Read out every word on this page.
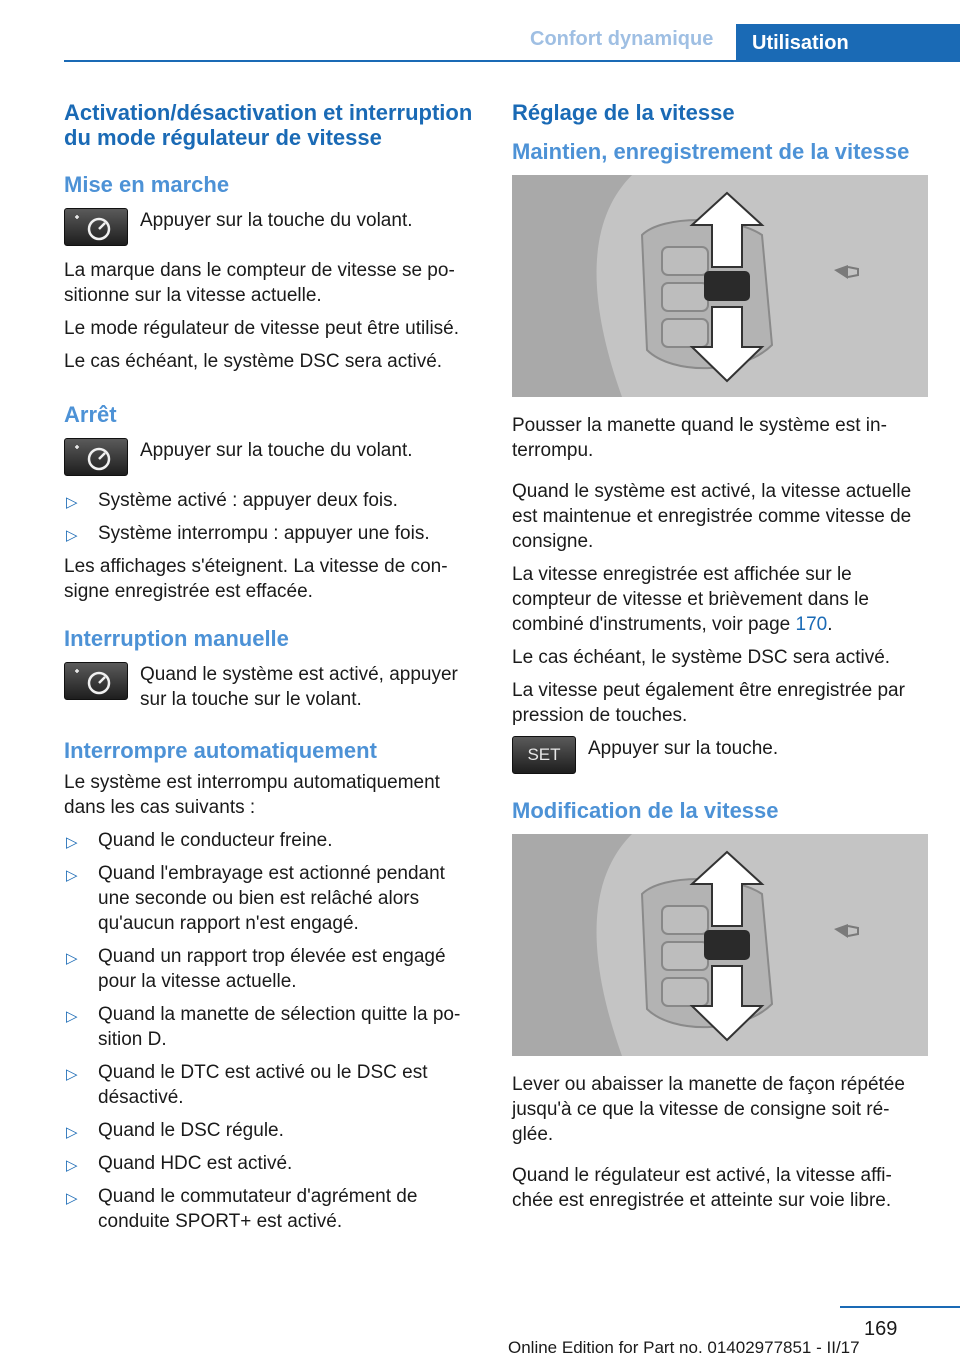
Confort dynamique	Utilisation
Activation/désactivation et interruption du mode régulateur de vitesse
Mise en marche

Appuyer sur la touche du volant.

La marque dans le compteur de vitesse se po-sitionne sur la vitesse actuelle.

Le mode régulateur de vitesse peut être utilisé.

Le cas échéant, le système DSC sera activé.

Arrêt

Appuyer sur la touche du volant.

▷ Système activé : appuyer deux fois.
▷ Système interrompu : appuyer une fois.

Les affichages s'éteignent. La vitesse de con-signe enregistrée est effacée.

Interruption manuelle

Quand le système est activé, appuyer sur la touche sur le volant.

Interrompre automatiquement

Le système est interrompu automatiquement dans les cas suivants :

▷ Quand le conducteur freine.
▷ Quand l'embrayage est actionné pendant une seconde ou bien est relâché alors qu'aucun rapport n'est engagé.
▷ Quand un rapport trop élevée est engagé pour la vitesse actuelle.
▷ Quand la manette de sélection quitte la po-sition D.
▷ Quand le DTC est activé ou le DSC est désactivé.
▷ Quand le DSC régule.
▷ Quand HDC est activé.
▷ Quand le commutateur d'agrément de conduite SPORT+ est activé.
Réglage de la vitesse
Maintien, enregistrement de la vitesse

Pousser la manette quand le système est in-terrompu.

Quand le système est activé, la vitesse actuelle est maintenue et enregistrée comme vitesse de consigne.

La vitesse enregistrée est affichée sur le compteur de vitesse et brièvement dans le combiné d'instruments, voir page 170.

Le cas échéant, le système DSC sera activé.

La vitesse peut également être enregistrée par pression de touches.

SET	Appuyer sur la touche.

Modification de la vitesse

Lever ou abaisser la manette de façon répétée jusqu'à ce que la vitesse de consigne soit ré-glée.

Quand le régulateur est activé, la vitesse affi-chée est enregistrée et atteinte sur voie libre.

169
Online Edition for Part no. 01402977851 - II/17
